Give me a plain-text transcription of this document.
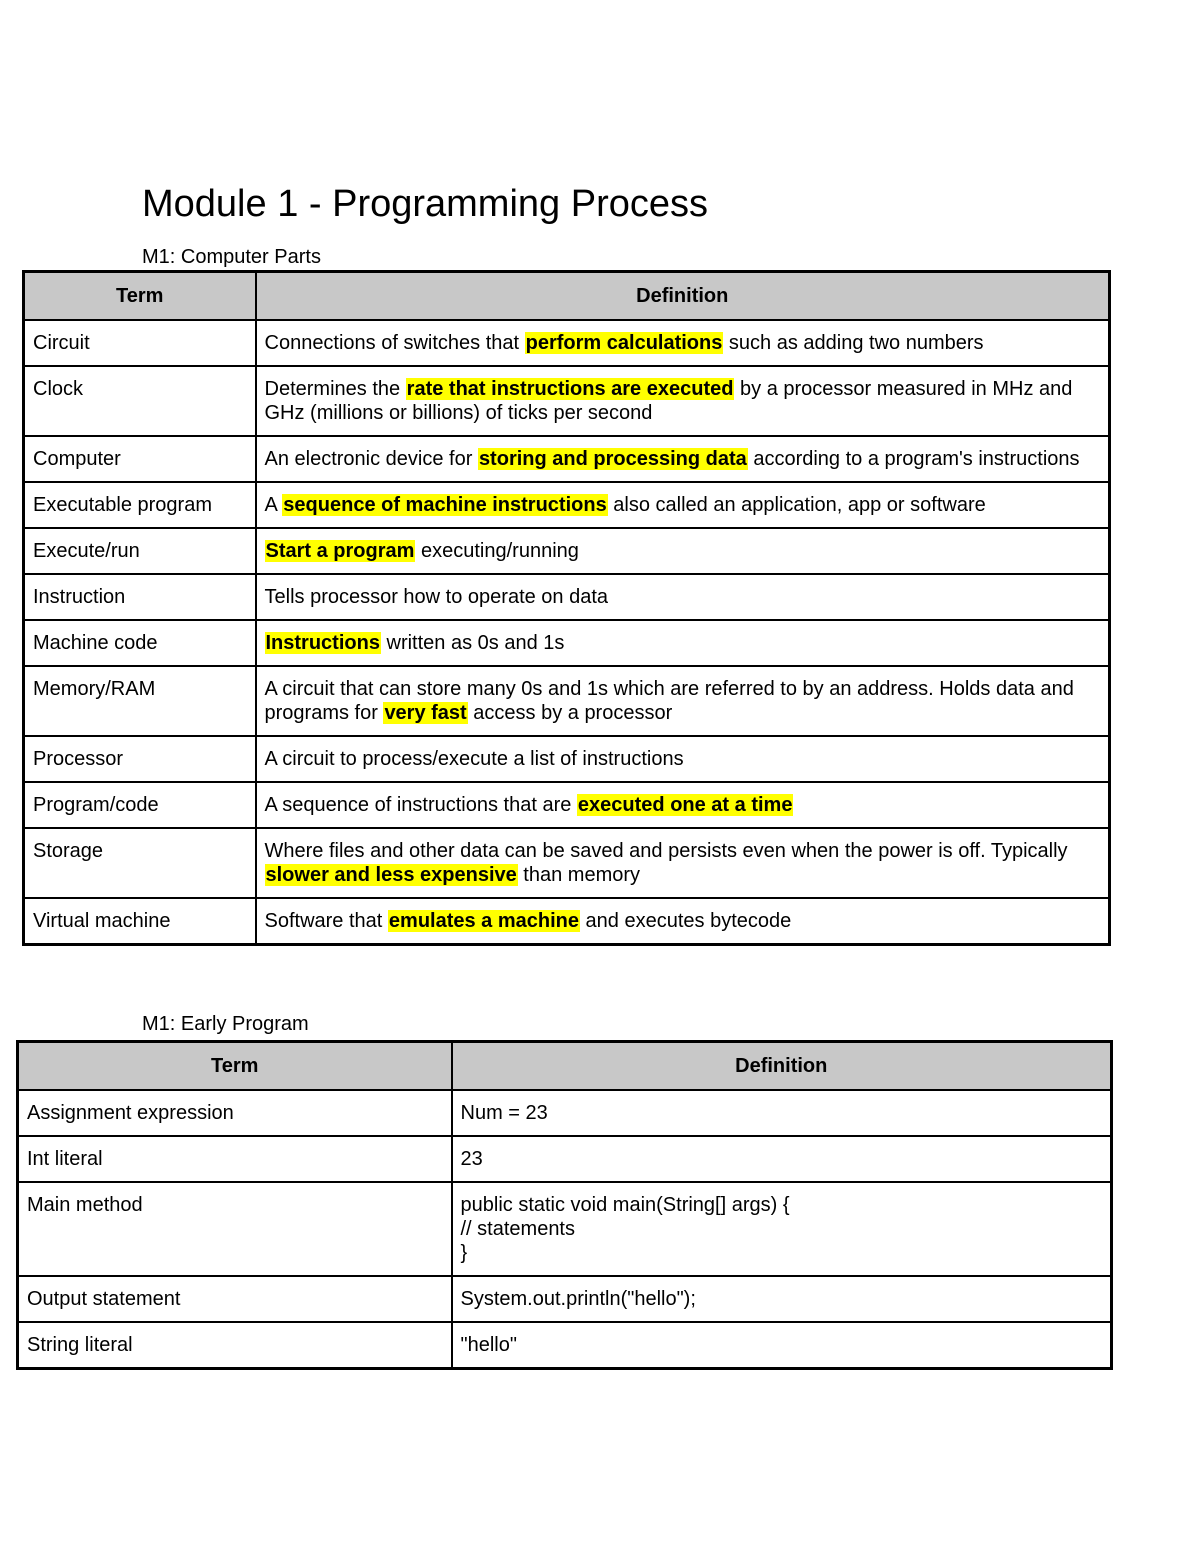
Module 1 - Programming Process
M1: Computer Parts
Term	Definition
Circuit	Connections of switches that perform calculations such as adding two numbers
Clock	Determines the rate that instructions are executed by a processor measured in MHz and GHz (millions or billions) of ticks per second
Computer	An electronic device for storing and processing data according to a program's instructions
Executable program	A sequence of machine instructions also called an application, app or software
Execute/run	Start a program executing/running
Instruction	Tells processor how to operate on data
Machine code	Instructions written as 0s and 1s
Memory/RAM	A circuit that can store many 0s and 1s which are referred to by an address. Holds data and programs for very fast access by a processor
Processor	A circuit to process/execute a list of instructions
Program/code	A sequence of instructions that are executed one at a time
Storage	Where files and other data can be saved and persists even when the power is off. Typically slower and less expensive than memory
Virtual machine	Software that emulates a machine and executes bytecode
M1: Early Program
Term	Definition
Assignment expression	Num = 23

Int literal	23

Main method	public static void main(String[] args) {
// statements
}

Output statement	System.out.println("hello");

String literal	"hello"
